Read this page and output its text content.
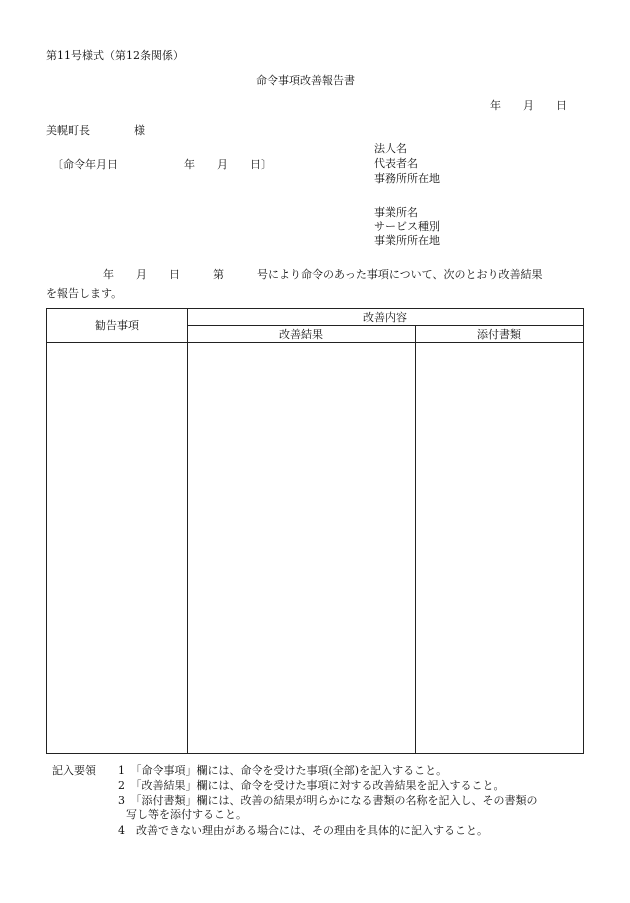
第11号様式（第12条関係）
命令事項改善報告書
年　　月　　日
美幌町長　　　　様
〔命令年月日　　　　　　年　　月　　日〕
法人名
代表者名
事務所所在地
事業所名
サービス種別
事業所所在地
年　　月　　日　　　第　　　号により命令のあった事項について、次のとおり改善結果
を報告します。
勧告事項
改善内容
改善結果	添付書類
記入要領 1　「命令事項」欄には、命令を受けた事項(全部)を記入すること。
2　「改善結果」欄には、命令を受けた事項に対する改善結果を記入すること。
3　「添付書類」欄には、改善の結果が明らかになる書類の名称を記入し、その書類の
写し等を添付すること。
4　改善できない理由がある場合には、その理由を具体的に記入すること。
